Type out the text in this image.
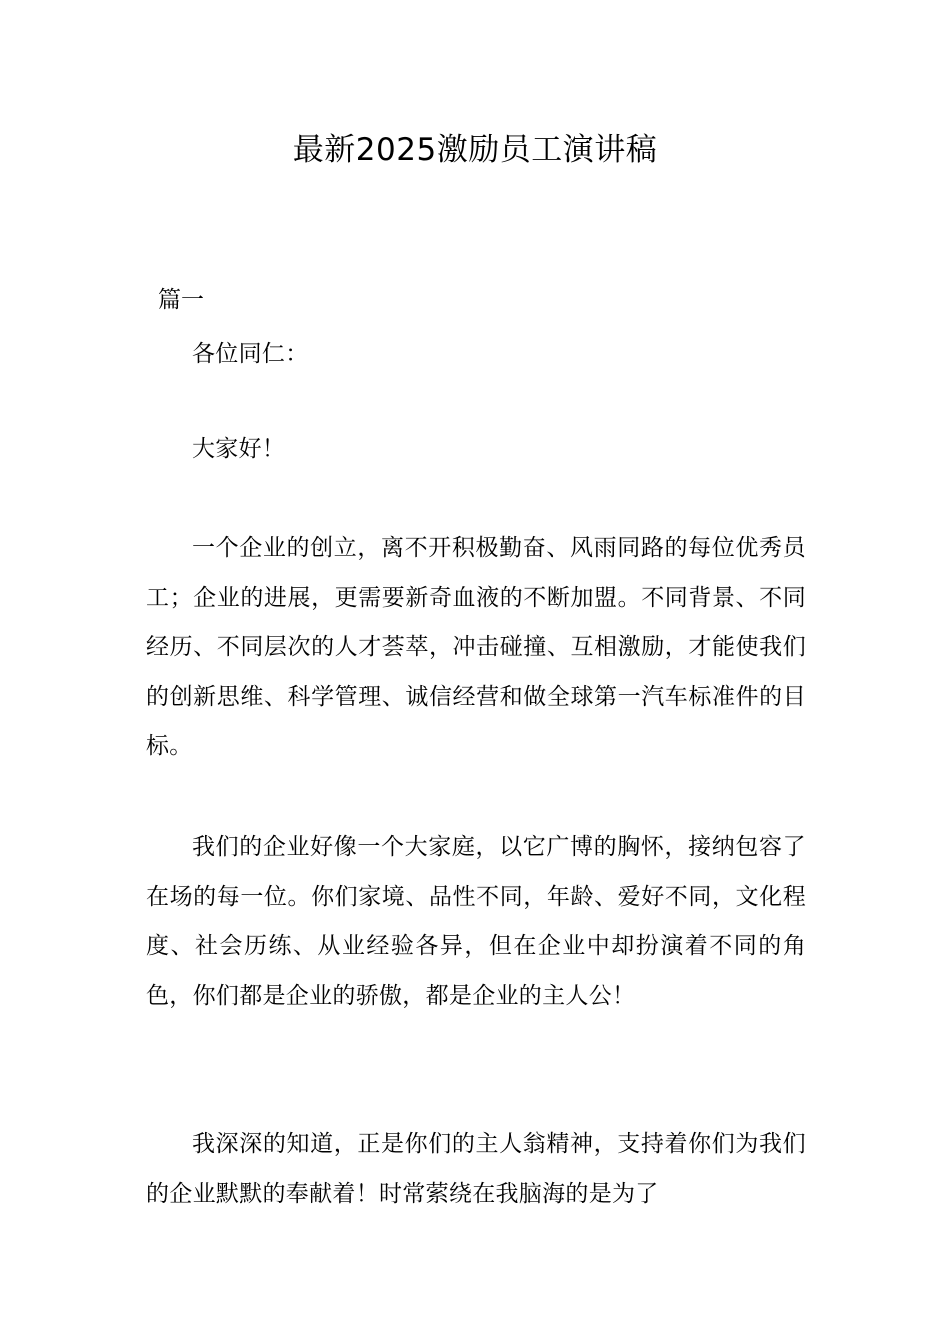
最新2025激励员工演讲稿

篇一

各位同仁：

大家好！

一个企业的创立，离不开积极勤奋、风雨同路的每位优秀员工；企业的进展，更需要新奇血液的不断加盟。不同背景、不同经历、不同层次的人才荟萃，冲击碰撞、互相激励，才能使我们的创新思维、科学管理、诚信经营和做全球第一汽车标准件的目标。

我们的企业好像一个大家庭，以它广博的胸怀，接纳包容了在场的每一位。你们家境、品性不同，年龄、爱好不同，文化程度、社会历练、从业经验各异，但在企业中却扮演着不同的角色，你们都是企业的骄傲，都是企业的主人公！

我深深的知道，正是你们的主人翁精神，支持着你们为我们的企业默默的奉献着！时常萦绕在我脑海的是为了
